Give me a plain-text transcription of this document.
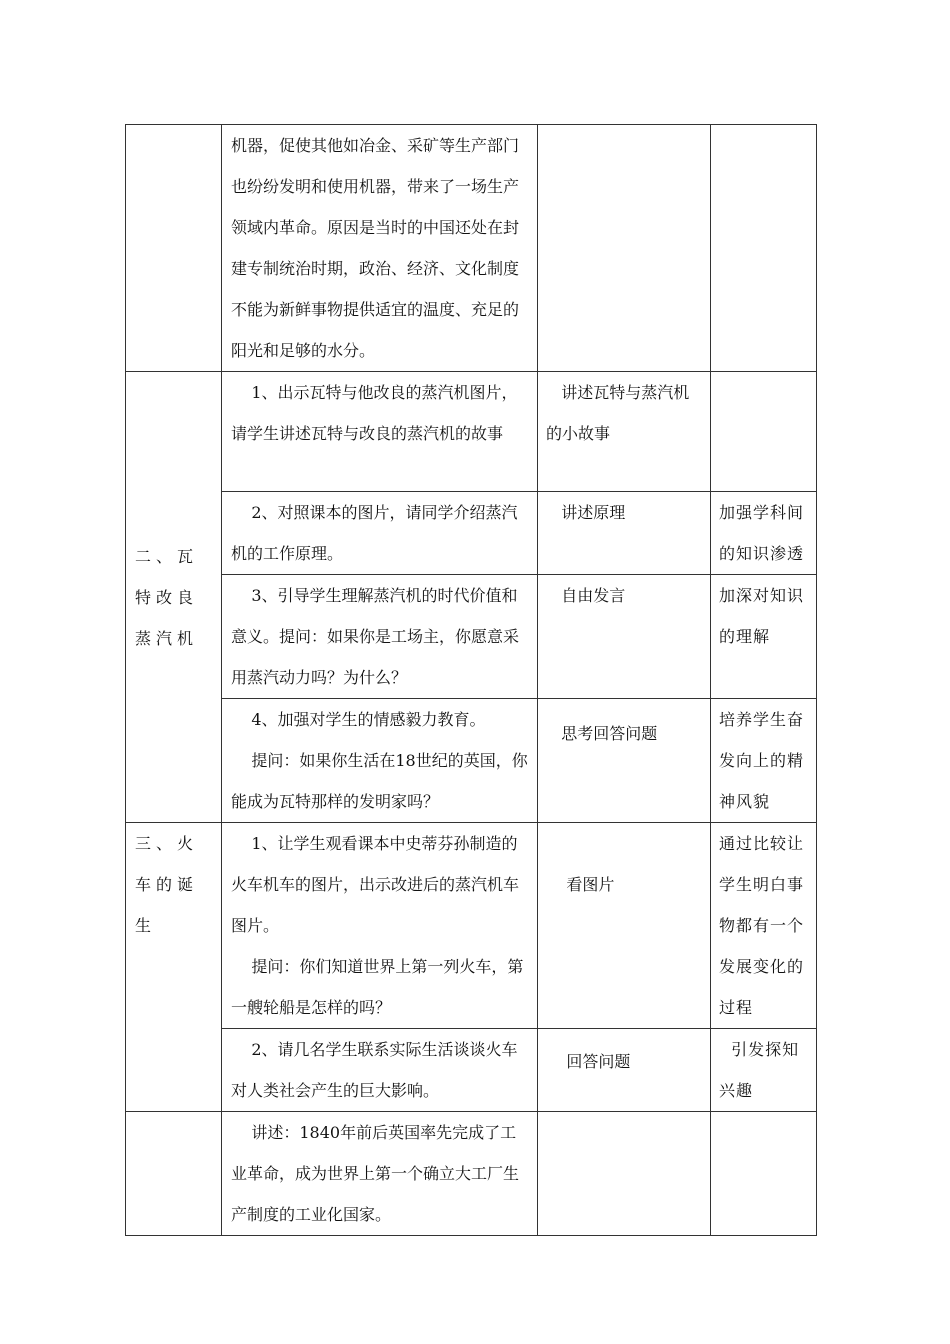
	机器，促使其他如冶金、采矿等生产部门也纷纷发明和使用机器，带来了一场生产领域内革命。原因是当时的中国还处在封建专制统治时期，政治、经济、文化制度不能为新鲜事物提供适宜的温度、充足的阳光和足够的水分。		

二、瓦特改良蒸汽机	1、出示瓦特与他改良的蒸汽机图片，请学生讲述瓦特与改良的蒸汽机的故事	讲述瓦特与蒸汽机的小故事	

	2、对照课本的图片，请同学介绍蒸汽机的工作原理。	讲述原理	加强学科间的知识渗透

	3、引导学生理解蒸汽机的时代价值和意义。提问：如果你是工场主，你愿意采用蒸汽动力吗？为什么？	自由发言	加深对知识的理解

	4、加强对学生的情感毅力教育。
提问：如果你生活在18世纪的英国，你能成为瓦特那样的发明家吗？	思考回答问题	培养学生奋发向上的精神风貌

三、火车的诞生	1、让学生观看课本中史蒂芬孙制造的火车机车的图片，出示改进后的蒸汽机车图片。
提问：你们知道世界上第一列火车，第一艘轮船是怎样的吗？	看图片	通过比较让学生明白事物都有一个发展变化的过程

	2、请几名学生联系实际生活谈谈火车对人类社会产生的巨大影响。	回答问题	引发探知兴趣

	讲述：1840年前后英国率先完成了工业革命，成为世界上第一个确立大工厂生产制度的工业化国家。		
